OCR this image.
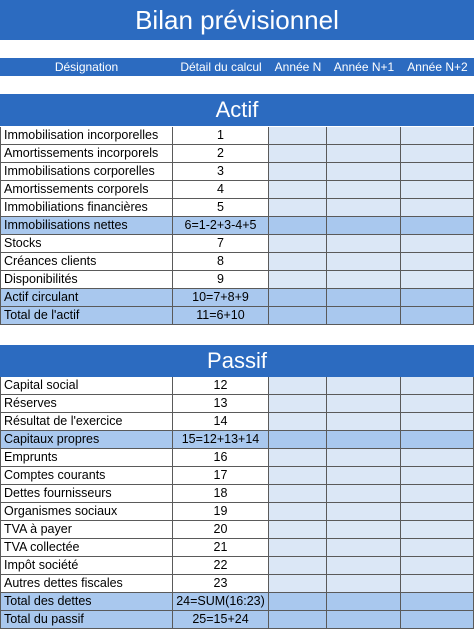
Bilan prévisionnel
Désignation	Détail du calcul	Année N	Année N+1	Année N+2
Actif
Immobilisation incorporelles	1
Amortissements incorporels	2
Immobilisations corporelles	3
Amortissements corporels	4
Immobiliations financières	5
Immobilisations nettes	6=1-2+3-4+5
Stocks	7
Créances clients	8
Disponibilités	9
Actif circulant	10=7+8+9
Total de l'actif	11=6+10
Passif
Capital social	12
Réserves	13
Résultat de l'exercice	14
Capitaux propres	15=12+13+14
Emprunts	16
Comptes courants	17
Dettes fournisseurs	18
Organismes sociaux	19
TVA à payer	20
TVA collectée	21
Impôt société	22
Autres dettes fiscales	23
Total des dettes	24=SUM(16:23)
Total du passif	25=15+24
